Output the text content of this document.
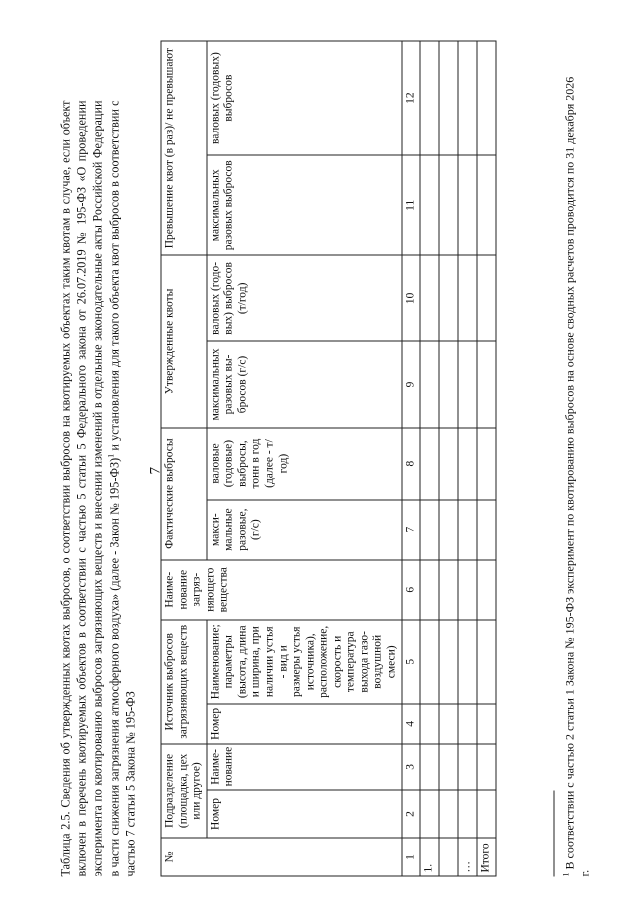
7
Таблица 2.5. Сведения об утвержденных квотах выбросов, о соответствии выбросов на квотируемых объектах таким квотам в случае, если объект включен в перечень квотируемых объектов в соответствии с частью 5 статьи 5 Федерального закона от 26.07.2019 № 195-ФЗ «О проведении эксперимента по квотированию выбросов загрязняющих веществ и внесении изменений в отдельные законодательные акты Российской Федерации в части снижения загрязнения атмосферного воздуха» (далее - Закон № 195-ФЗ)$^1$ и установления для такого объекта квот выбросов в соответствии с частью 7 статьи 5 Закона № 195-ФЗ №	Подразделение (площадка, цех или другое)		Источник выбросов загрязняющих веществ		Наиме-нование загряз-няющего вещества	Фактические выбросы		Утвержденные квоты		Превышение квот (в раз)/ не превышают	
	Номер	Наиме-нование	Номер	Наименование; параметры (высота, длина и ширина, при наличии устья - вид и размеры устья источника), расположение, скорость и температура выхода газо-воздушной смеси)		макси-мальные разовые, (г/с)	валовые (годовые) выбросы, тонн в год (далее - т/год)	максимальных разовых вы-бросов (г/с)	валовых (годо-вых) выбросов (т/год)	максимальных разовых выбросов	валовых (годовых) выбросов
1	2	3	4	5	6	7	8	9	10	11	12
1.											

…											
Итого											
$^1$ В соответствии с частью 2 статьи 1 Закона № 195-ФЗ эксперимент по квотированию выбросов на основе сводных расчетов проводится по 31 декабря 2026 г.
